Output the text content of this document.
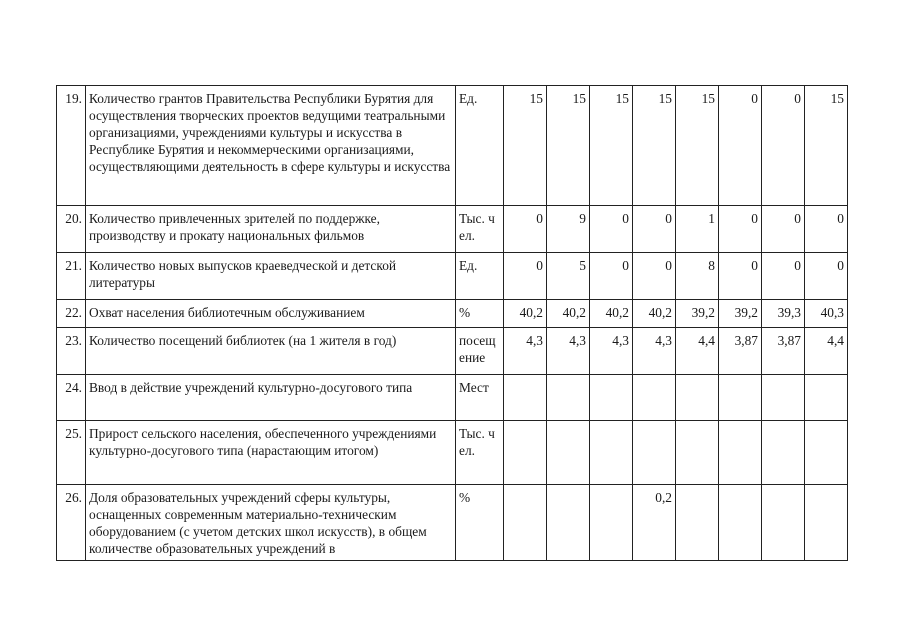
19.	Количество грантов Правительства Республики Бурятия для осуществления творческих проектов ведущими театральными организациями, учреждениями культуры и искусства в Республике Бурятия и некоммерческими организациями, осуществляющими деятельность в сфере культуры и искусства	Ед.	15	15	15	15	15	0	0	15
20.	Количество привлеченных зрителей по поддержке, производству и прокату национальных фильмов	Тыс. чел.	0	9	0	0	1	0	0	0
21.	Количество новых выпусков краеведческой и детской литературы	Ед.	0	5	0	0	8	0	0	0
22.	Охват населения библиотечным обслуживанием	%	40,2	40,2	40,2	40,2	39,2	39,2	39,3	40,3
23.	Количество посещений библиотек (на 1 жителя в год)	посещение	4,3	4,3	4,3	4,3	4,4	3,87	3,87	4,4
24.	Ввод в действие учреждений культурно-досугового типа	Мест								
25.	Прирост сельского населения, обеспеченного учреждениями культурно-досугового типа (нарастающим итогом)	Тыс. чел.								
26.	Доля образовательных учреждений сферы культуры, оснащенных современным материально-техническим оборудованием (с учетом детских школ искусств), в общем количестве образовательных учреждений в	%				0,2				
